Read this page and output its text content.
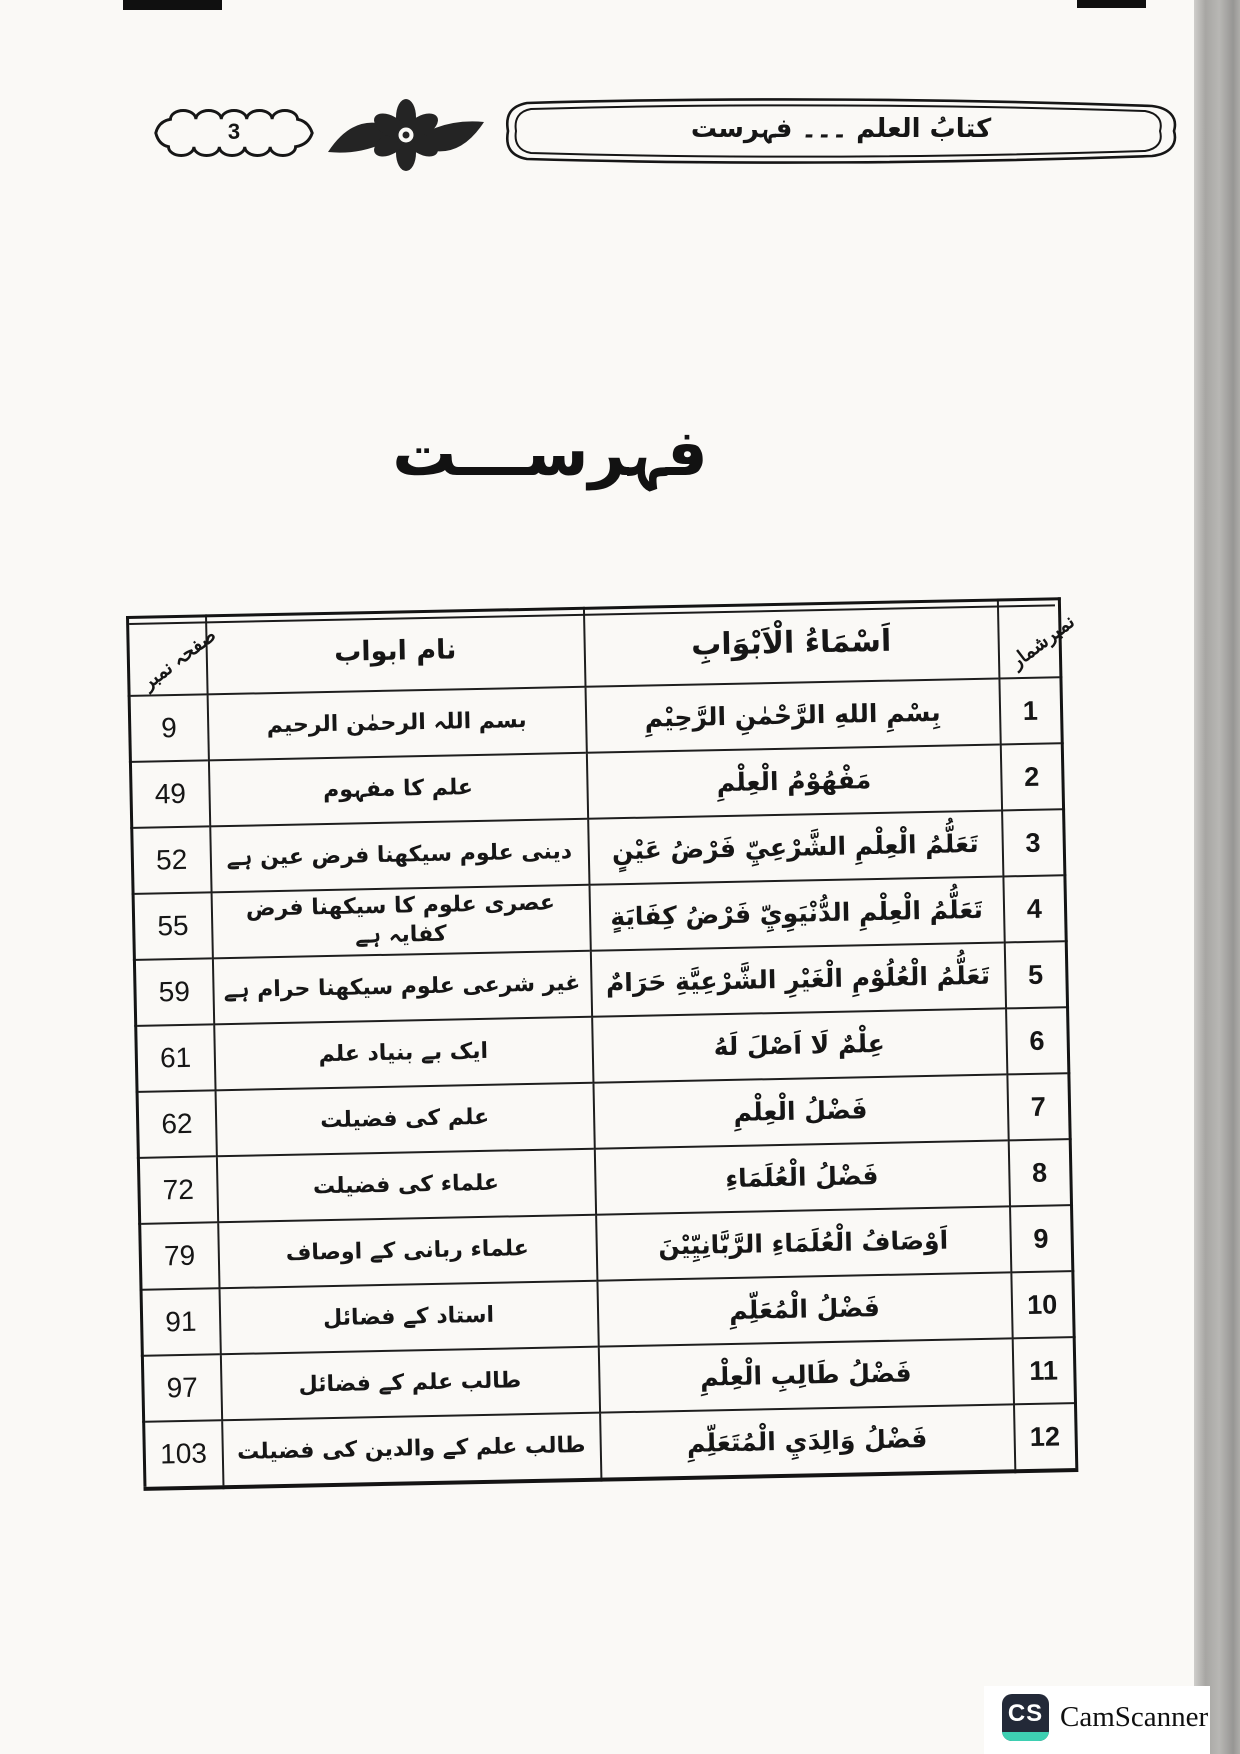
3	کتابُ العلم ۔۔۔ فہرست
فہرســـت
نمبرشمار	اَسْمَاءُ الْاَبْوَابِ	نام ابواب	صفحہ نمبر
1	بِسْمِ اللهِ الرَّحْمٰنِ الرَّحِيْمِ	بسم اللہ الرحمٰن الرحیم	9
2	مَفْهُوْمُ الْعِلْمِ	علم کا مفہوم	49
3	تَعَلُّمُ الْعِلْمِ الشَّرْعِيِّ فَرْضُ عَيْنٍ	دینی علوم سیکھنا فرض عین ہے	52
4	تَعَلُّمُ الْعِلْمِ الدُّنْيَوِيِّ فَرْضُ كِفَايَةٍ	عصری علوم کا سیکھنا فرض کفایہ ہے	55
5	تَعَلُّمُ الْعُلُوْمِ الْغَيْرِ الشَّرْعِيَّةِ حَرَامٌ	غیر شرعی علوم سیکھنا حرام ہے	59
6	عِلْمٌ لَا اَصْلَ لَهُ	ایک بے بنیاد علم	61
7	فَضْلُ الْعِلْمِ	علم کی فضیلت	62
8	فَضْلُ الْعُلَمَاءِ	علماء کی فضیلت	72
9	اَوْصَافُ الْعُلَمَاءِ الرَّبَّانِيِّيْنَ	علماء ربانی کے اوصاف	79
10	فَضْلُ الْمُعَلِّمِ	استاد کے فضائل	91
11	فَضْلُ طَالِبِ الْعِلْمِ	طالب علم کے فضائل	97
12	فَضْلُ وَالِدَيِ الْمُتَعَلِّمِ	طالب علم کے والدین کی فضیلت	103
CS CamScanner
